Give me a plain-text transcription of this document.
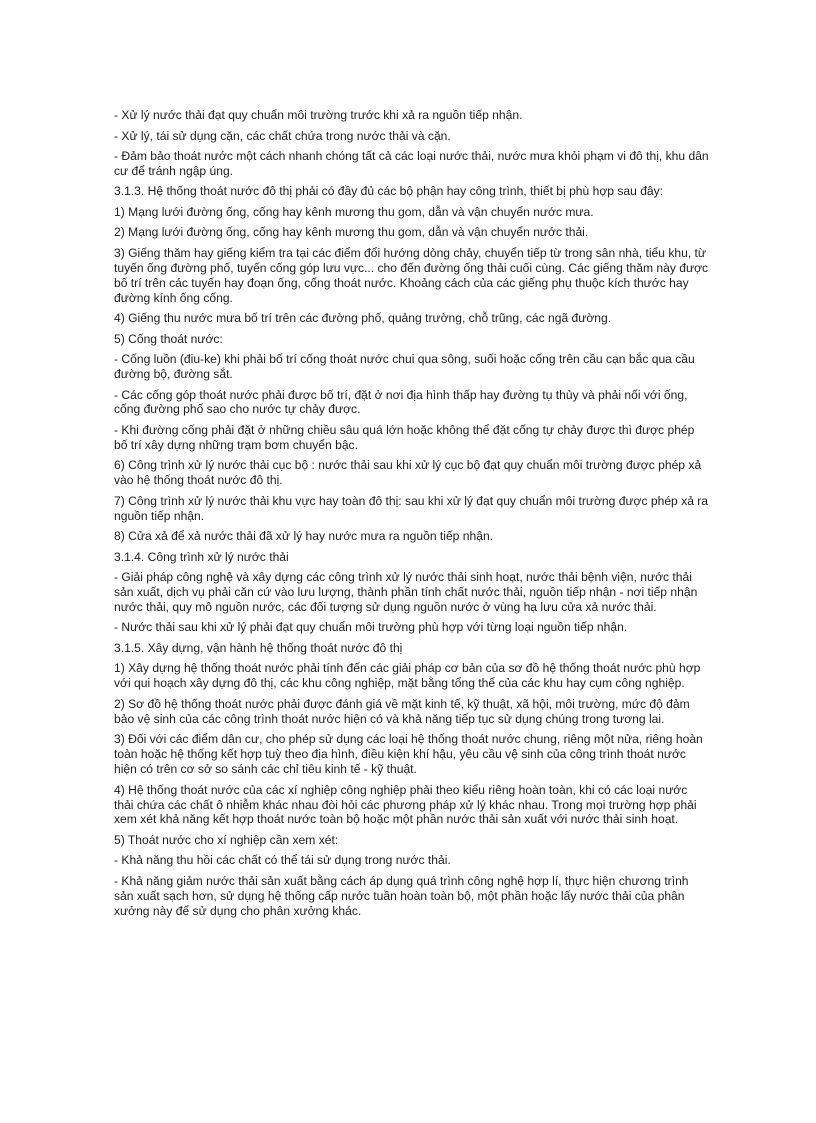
- Xử lý nước thải đạt quy chuẩn môi trường trước khi xả ra nguồn tiếp nhận.

- Xử lý, tái sử dụng cặn, các chất chứa trong nước thải và cặn.

- Đảm bảo thoát nước một cách nhanh chóng tất cả các loại nước thải, nước mưa khỏi phạm vi đô thị, khu dân cư để tránh ngập úng.

3.1.3. Hệ thống thoát nước đô thị phải có đầy đủ các bộ phận hay công trình, thiết bị phù hợp sau đây:

1) Mạng lưới đường ống, cống hay kênh mương thu gom, dẫn và vận chuyển nước mưa.

2) Mạng lưới đường ống, cống hay kênh mương thu gom, dẫn và vận chuyển nước thải.

3) Giếng thăm hay giếng kiểm tra tại các điểm đổi hướng dòng chảy, chuyển tiếp từ trong sân nhà, tiểu khu, từ tuyến ống đường phố, tuyến cống góp lưu vực... cho đến đường ống thải cuối cùng. Các giếng thăm này được bố trí trên các tuyến hay đoạn ống, cống thoát nước. Khoảng cách của các giếng phụ thuộc kích thước hay đường kính ống cống.

4) Giếng thu nước mưa bố trí trên các đường phố, quảng trường, chỗ trũng, các ngã đường.

5) Cống thoát nước:

- Cống luồn (điu-ke) khi phải bố trí cống thoát nước chui qua sông, suối hoặc cống trên cầu cạn bắc qua cầu đường bộ, đường sắt.

- Các cống góp thoát nước phải được bố trí, đặt ở nơi địa hình thấp hay đường tụ thủy và phải nối với ống, cống đường phố sao cho nước tự chảy được.

- Khi đường cống phải đặt ở những chiều sâu quá lớn hoặc không thể đặt cống tự chảy được thì được phép bố trí xây dựng những trạm bơm chuyển bậc.

6) Công trình xử lý nước thải cục bộ : nước thải sau khi xử lý cục bộ đạt quy chuẩn môi trường được phép xả vào hệ thống thoát nước đô thị.

7) Công trình xử lý nước thải khu vực hay toàn đô thị: sau khi xử lý đạt quy chuẩn môi trường được phép xả ra nguồn tiếp nhận.

8) Cửa xả để xả nước thải đã xử lý hay nước mưa ra nguồn tiếp nhận.

3.1.4. Công trình xử lý nước thải

- Giải pháp công nghệ và xây dựng các công trình xử lý nước thải sinh hoạt, nước thải bệnh viện, nước thải sản xuất, dịch vụ phải căn cứ vào lưu lượng, thành phần tính chất nước thải, nguồn tiếp nhận - nơi tiếp nhận nước thải, quy mô nguồn nước, các đối tượng sử dụng nguồn nước ở vùng hạ lưu cửa xả nước thải.

- Nước thải sau khi xử lý phải đạt quy chuẩn môi trường phù hợp với từng loại nguồn tiếp nhận.

3.1.5. Xây dựng, vận hành hệ thống thoát nước đô thị

1) Xây dựng hệ thống thoát nước phải tính đến các giải pháp cơ bản của sơ đồ hệ thống thoát nước phù hợp với qui hoạch xây dựng đô thị, các khu công nghiệp, mặt bằng tổng thể của các khu hay cụm công nghiệp.

2) Sơ đồ hệ thống thoát nước phải được đánh giá về mặt kinh tế, kỹ thuật, xã hội, môi trường, mức độ đảm bảo vệ sinh của các công trình thoát nước hiện có và khả năng tiếp tục sử dụng chúng trong tương lai.

3) Đối với các điểm dân cư, cho phép sử dụng các loại hệ thống thoát nước chung, riêng một nửa, riêng hoàn toàn hoặc hệ thống kết hợp tuỳ theo địa hình, điều kiện khí hậu, yêu cầu vệ sinh của công trình thoát nước hiện có trên cơ sở so sánh các chỉ tiêu kinh tế - kỹ thuật.

4) Hệ thống thoát nước của các xí nghiệp công nghiệp phải theo kiểu riêng hoàn toàn, khi có các loại nước thải chứa các chất ô nhiễm khác nhau đòi hỏi các phương pháp xử lý khác nhau. Trong mọi trường hợp phải xem xét khả năng kết hợp thoát nước toàn bộ hoặc một phần nước thải sản xuất với nước thải sinh hoạt.

5) Thoát nước cho xí nghiệp cần xem xét:

- Khả năng thu hồi các chất có thể tái sử dụng trong nước thải.

- Khả năng giảm nước thải sản xuất bằng cách áp dụng quá trình công nghệ hợp lí, thực hiện chương trình sản xuất sạch hơn, sử dụng hệ thống cấp nước tuần hoàn toàn bộ, một phần hoặc lấy nước thải của phân xưởng này để sử dụng cho phân xưởng khác.
